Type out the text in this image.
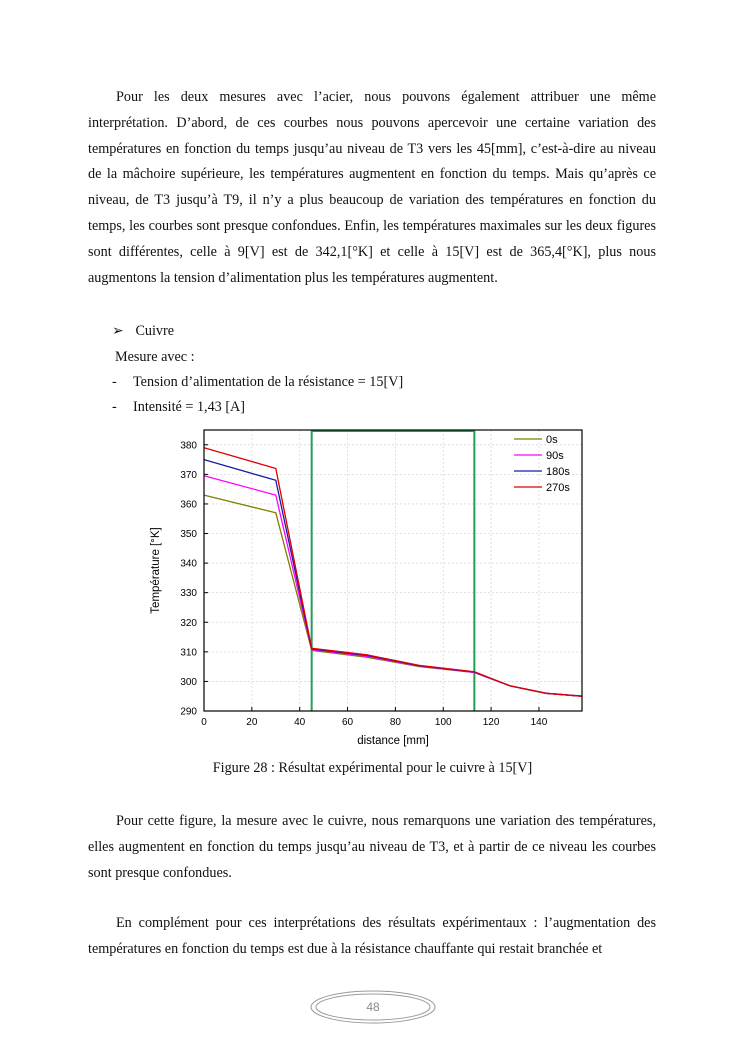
Pour les deux mesures avec l’acier, nous pouvons également attribuer une même interprétation. D’abord, de ces courbes nous pouvons apercevoir une certaine variation des températures en fonction du temps jusqu’au niveau de T3 vers les 45[mm], c’est-à-dire au niveau de la mâchoire supérieure, les températures augmentent en fonction du temps. Mais qu’après ce niveau, de T3 jusqu’à T9, il n’y a plus beaucoup de variation des températures en fonction du temps, les courbes sont presque confondues. Enfin, les températures maximales sur les deux figures sont différentes, celle à 9[V] est de 342,1[°K] et celle à 15[V] est de 365,4[°K], plus nous augmentons la tension d’alimentation plus les températures augmentent.

➢ Cuivre
Mesure avec :
- Tension d’alimentation de la résistance = 15[V]
- Intensité = 1,43 [A]
0	20	40	60	80	100	120	140
290
300
310
320
330
340
350
360
370
380	0s
90s
180s
270s
distance [mm]
Température [°K]
Figure 28 : Résultat expérimental pour le cuivre à 15[V]

Pour cette figure, la mesure avec le cuivre, nous remarquons une variation des températures, elles augmentent en fonction du temps jusqu’au niveau de T3, et à partir de ce niveau les courbes sont presque confondues.

En complément pour ces interprétations des résultats expérimentaux : l’augmentation des températures en fonction du temps est due à la résistance chauffante qui restait branchée et

48
